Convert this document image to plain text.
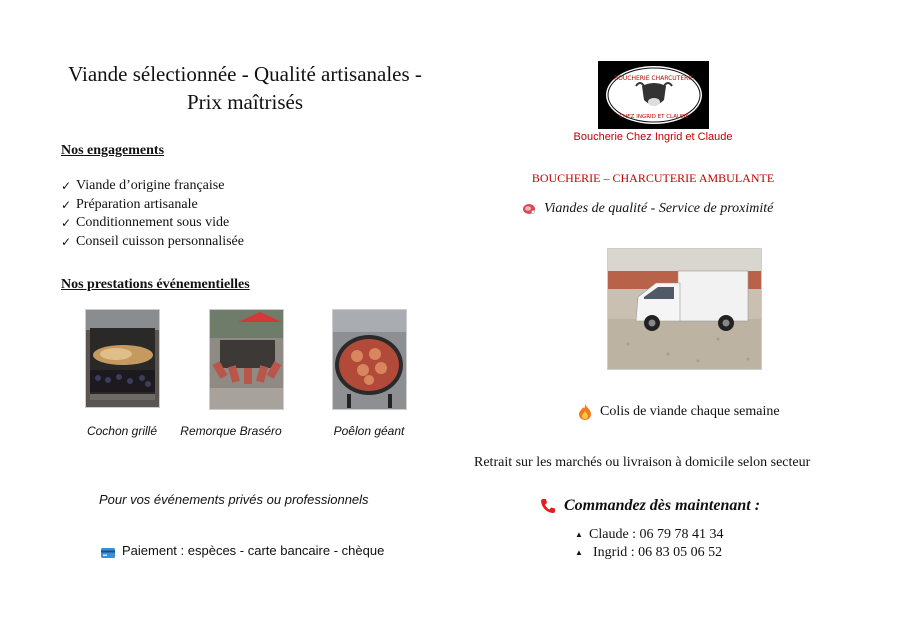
Viande sélectionnée - Qualité artisanales -
Prix maîtrisés
Nos engagements
✓ Viande d’origine française
✓ Préparation artisanale
✓ Conditionnement sous vide
✓ Conseil cuisson personnalisée
Nos prestations événementielles
Cochon grillé	Remorque Braséro	Poêlon géant
Pour vos événements privés ou professionnels
Paiement : espèces - carte bancaire - chèque
BOUCHERIE CHARCUTERIE
CHEZ INGRID ET CLAUDE
Boucherie Chez Ingrid et Claude
BOUCHERIE – CHARCUTERIE AMBULANTE
Viandes de qualité - Service de proximité
Colis de viande chaque semaine
Retrait sur les marchés ou livraison à domicile selon secteur
Commandez dès maintenant :
▲ Claude : 06 79 78 41 34
▲ Ingrid : 06 83 05 06 52
